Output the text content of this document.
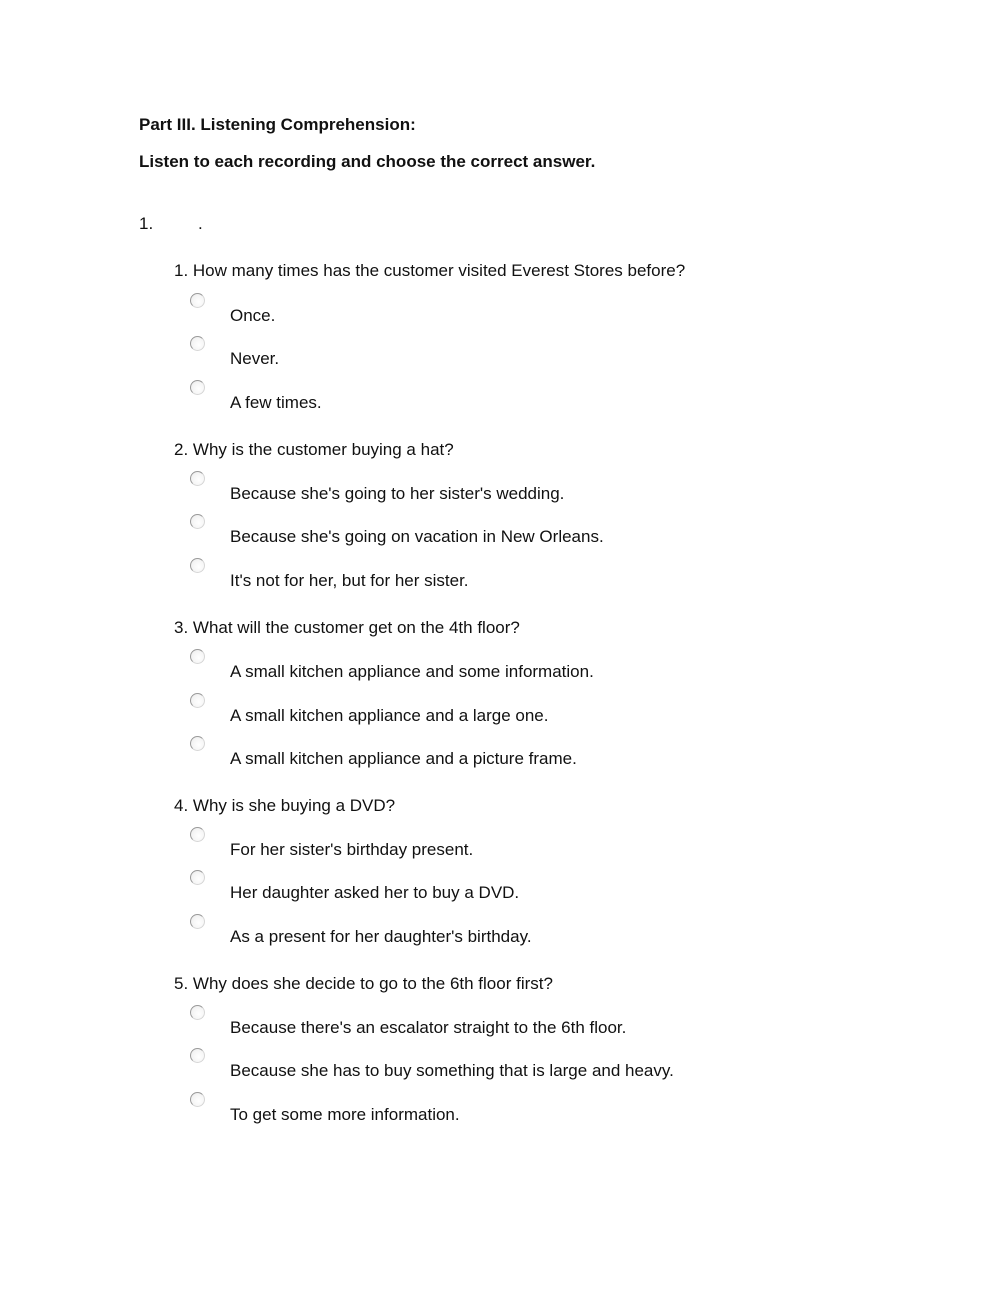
Part III. Listening Comprehension:
Listen to each recording and choose the correct answer.
1.	.
1. How many times has the customer visited Everest Stores before?
Once.
Never.
A few times.
2. Why is the customer buying a hat?
Because she's going to her sister's wedding.
Because she's going on vacation in New Orleans.
It's not for her, but for her sister.
3. What will the customer get on the 4th floor?
A small kitchen appliance and some information.
A small kitchen appliance and a large one.
A small kitchen appliance and a picture frame.
4. Why is she buying a DVD?
For her sister's birthday present.
Her daughter asked her to buy a DVD.
As a present for her daughter's birthday.
5. Why does she decide to go to the 6th floor first?
Because there's an escalator straight to the 6th floor.
Because she has to buy something that is large and heavy.
To get some more information.
